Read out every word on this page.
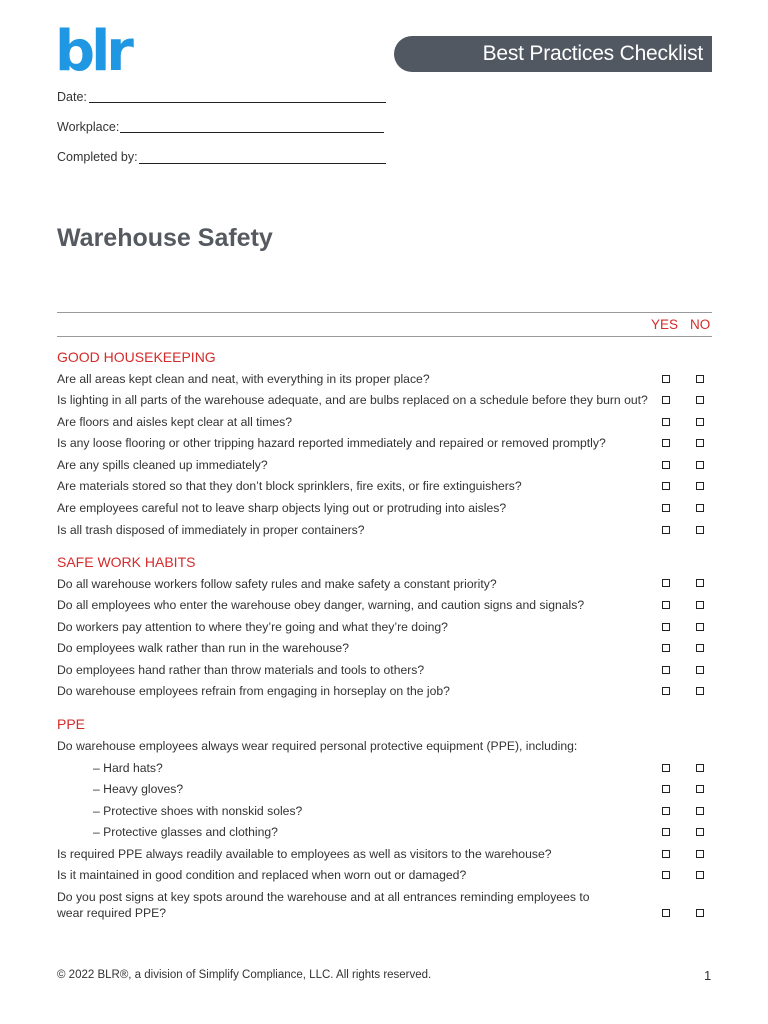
blr	Best Practices Checklist
Date:
Workplace:
Completed by:
Warehouse Safety
YES NO
GOOD HOUSEKEEPING
Are all areas kept clean and neat, with everything in its proper place?
Is lighting in all parts of the warehouse adequate, and are bulbs replaced on a schedule before they burn out?
Are floors and aisles kept clear at all times?
Is any loose flooring or other tripping hazard reported immediately and repaired or removed promptly?
Are any spills cleaned up immediately?
Are materials stored so that they don’t block sprinklers, fire exits, or fire extinguishers?
Are employees careful not to leave sharp objects lying out or protruding into aisles?
Is all trash disposed of immediately in proper containers?
SAFE WORK HABITS
Do all warehouse workers follow safety rules and make safety a constant priority?
Do all employees who enter the warehouse obey danger, warning, and caution signs and signals?
Do workers pay attention to where they’re going and what they’re doing?
Do employees walk rather than run in the warehouse?
Do employees hand rather than throw materials and tools to others?
Do warehouse employees refrain from engaging in horseplay on the job?
PPE
Do warehouse employees always wear required personal protective equipment (PPE), including:
– Hard hats?
– Heavy gloves?
– Protective shoes with nonskid soles?
– Protective glasses and clothing?
Is required PPE always readily available to employees as well as visitors to the warehouse?
Is it maintained in good condition and replaced when worn out or damaged?
Do you post signs at key spots around the warehouse and at all entrances reminding employees to
wear required PPE?
© 2022 BLR®, a division of Simplify Compliance, LLC. All rights reserved.	1
